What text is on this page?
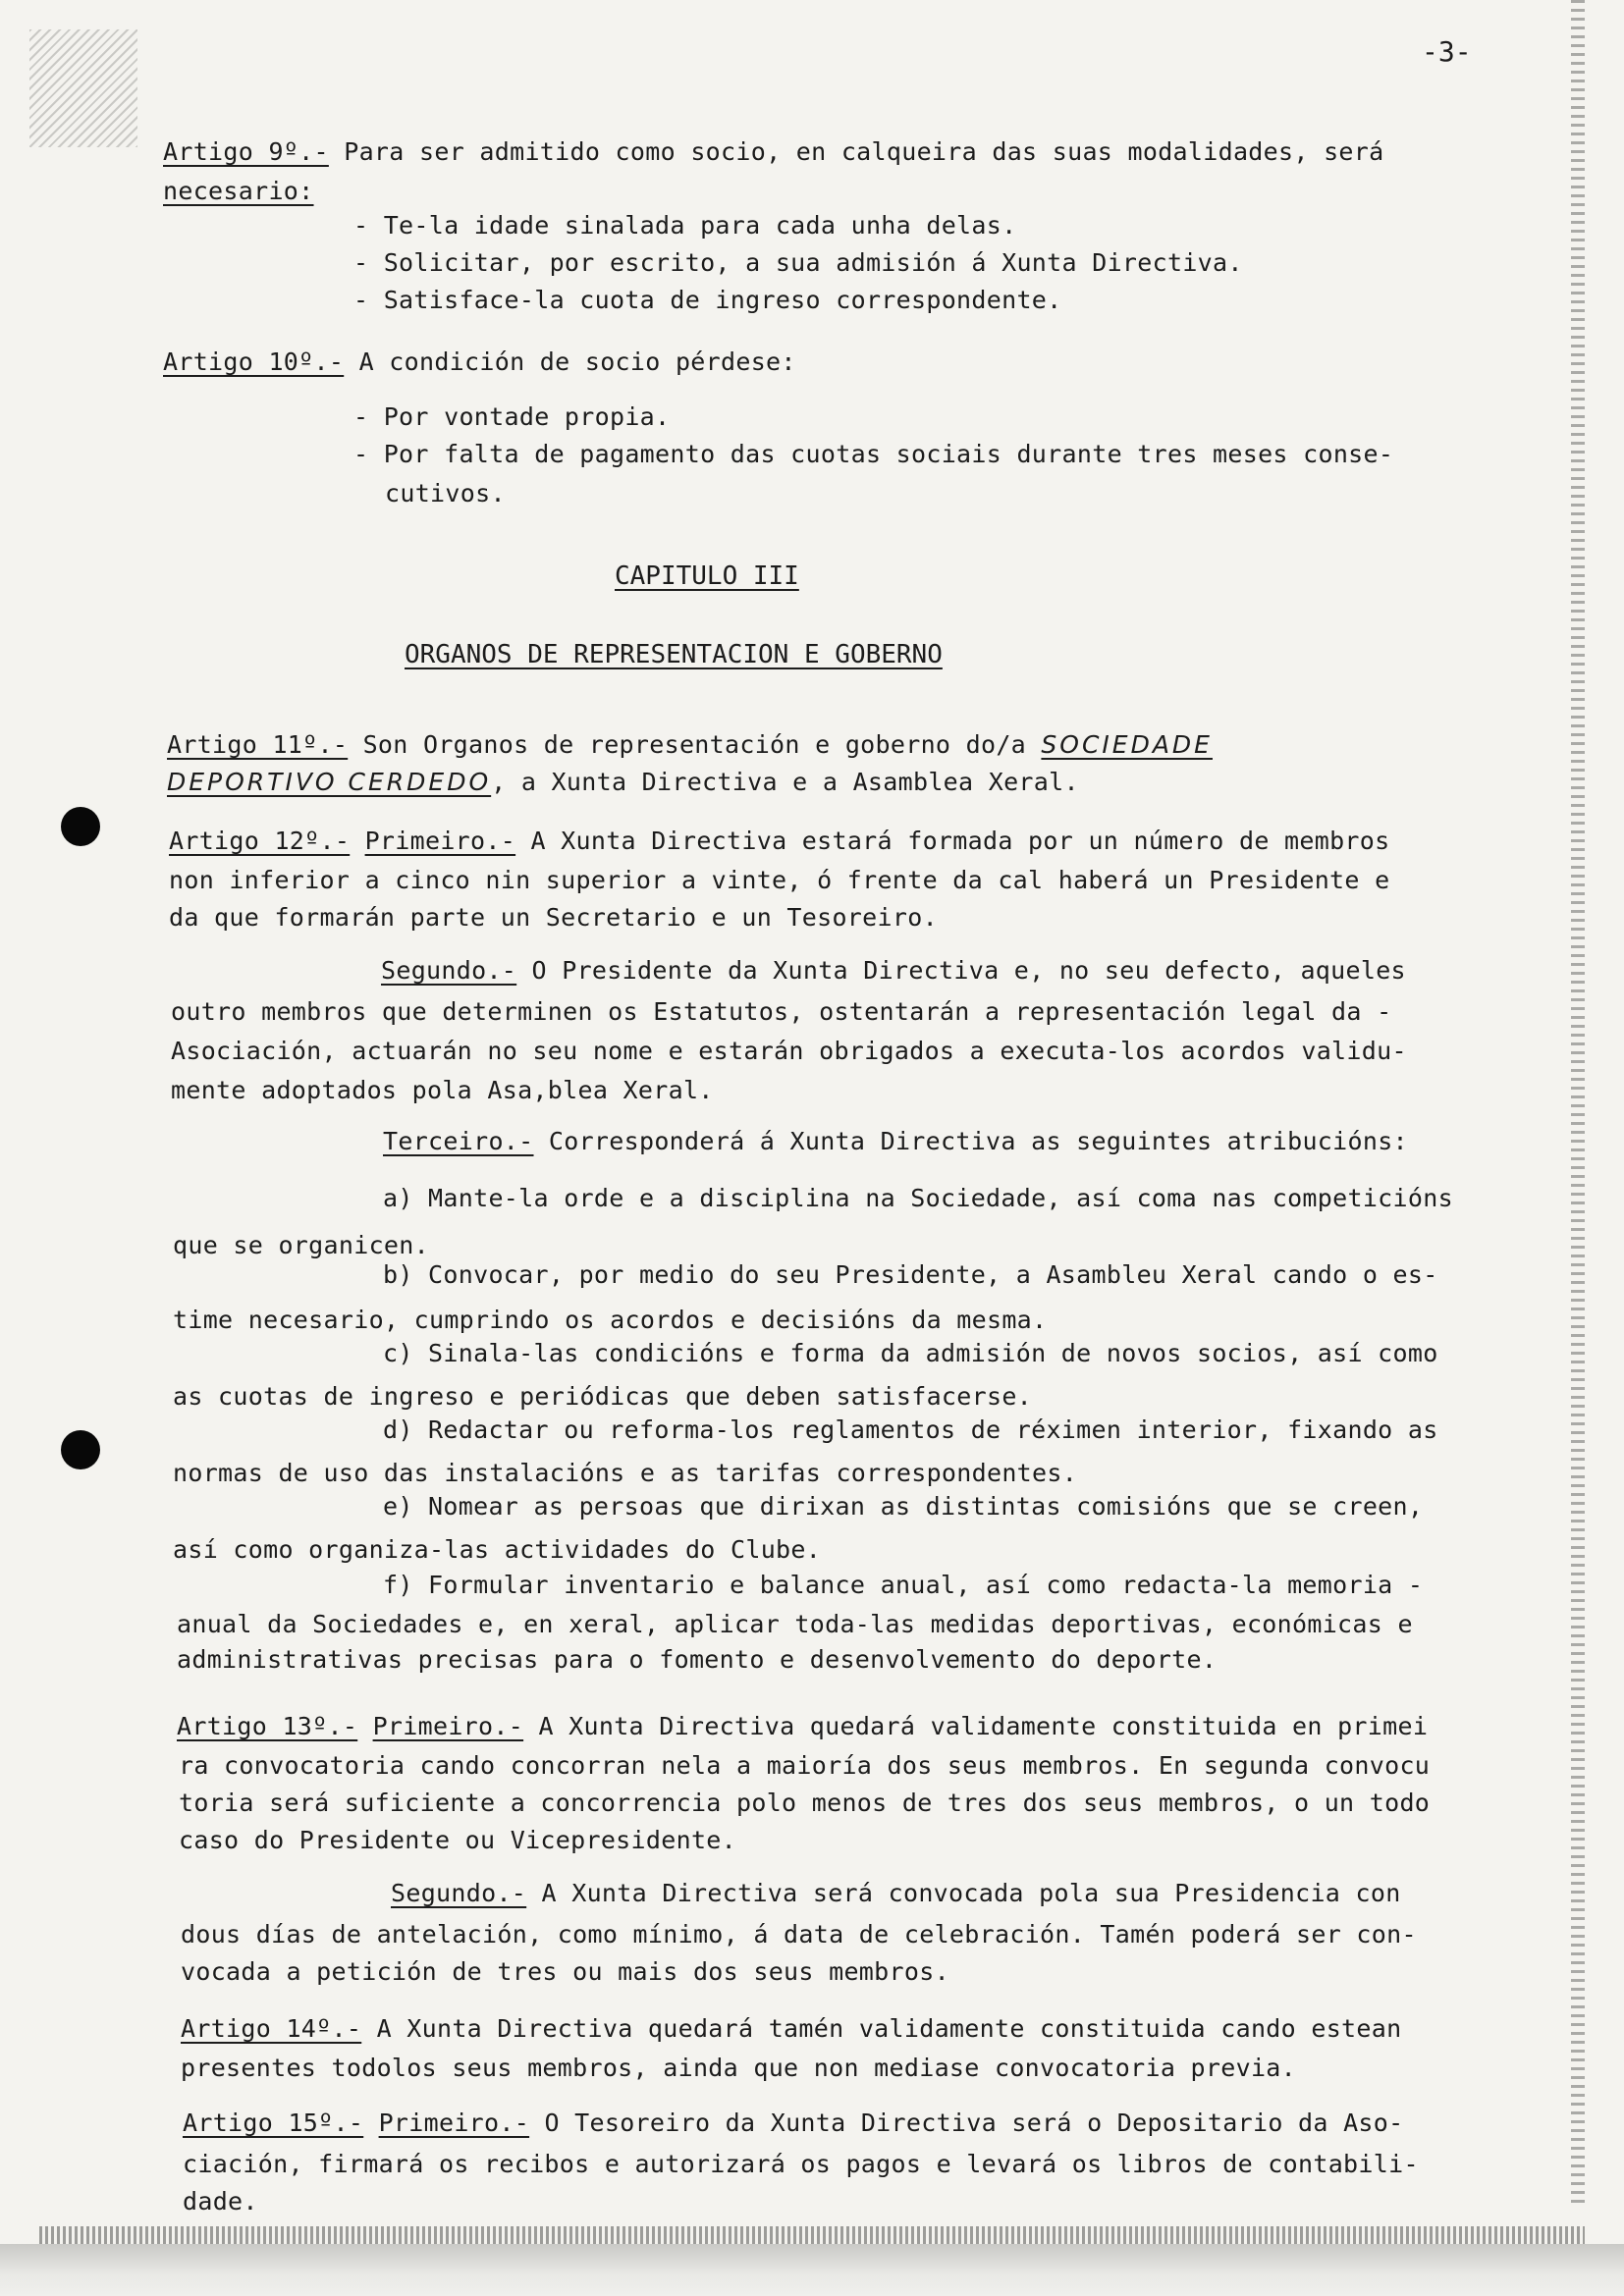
-3-
Artigo 9º.- Para ser admitido como socio, en calqueira das suas modalidades, será
necesario:
- Te-la idade sinalada para cada unha delas.
- Solicitar, por escrito, a sua admisión á Xunta Directiva.
- Satisface-la cuota de ingreso correspondente.
Artigo 10º.- A condición de socio pérdese:
- Por vontade propia.
- Por falta de pagamento das cuotas sociais durante tres meses conse-
cutivos.
CAPITULO III
ORGANOS DE REPRESENTACION E GOBERNO
Artigo 11º.- Son Organos de representación e goberno do/a SOCIEDADE
DEPORTIVO CERDEDO, a Xunta Directiva e a Asamblea Xeral.
Artigo 12º.- Primeiro.- A Xunta Directiva estará formada por un número de membros
non inferior a cinco nin superior a vinte, ó frente da cal haberá un Presidente e
da que formarán parte un Secretario e un Tesoreiro.
Segundo.- O Presidente da Xunta Directiva e, no seu defecto, aqueles
outro membros que determinen os Estatutos, ostentarán a representación legal da -
Asociación, actuarán no seu nome e estarán obrigados a executa-los acordos validu-
mente adoptados pola Asa,blea Xeral.
Terceiro.- Corresponderá á Xunta Directiva as seguintes atribucións:
a) Mante-la orde e a disciplina na Sociedade, así coma nas competicións
que se organicen.
b) Convocar, por medio do seu Presidente, a Asambleu Xeral cando o es-
time necesario, cumprindo os acordos e decisións da mesma.
c) Sinala-las condicións e forma da admisión de novos socios, así como
as cuotas de ingreso e periódicas que deben satisfacerse.
d) Redactar ou reforma-los reglamentos de réximen interior, fixando as
normas de uso das instalacións e as tarifas correspondentes.
e) Nomear as persoas que dirixan as distintas comisións que se creen,
así como organiza-las actividades do Clube.
f) Formular inventario e balance anual, así como redacta-la memoria -
anual da Sociedades e, en xeral, aplicar toda-las medidas deportivas, económicas e
administrativas precisas para o fomento e desenvolvemento do deporte.
Artigo 13º.- Primeiro.- A Xunta Directiva quedará validamente constituida en primei
ra convocatoria cando concorran nela a maioría dos seus membros. En segunda convocu
toria será suficiente a concorrencia polo menos de tres dos seus membros, o un todo
caso do Presidente ou Vicepresidente.
Segundo.- A Xunta Directiva será convocada pola sua Presidencia con
dous días de antelación, como mínimo, á data de celebración. Tamén poderá ser con-
vocada a petición de tres ou mais dos seus membros.
Artigo 14º.- A Xunta Directiva quedará tamén validamente constituida cando estean
presentes todolos seus membros, ainda que non mediase convocatoria previa.
Artigo 15º.- Primeiro.- O Tesoreiro da Xunta Directiva será o Depositario da Aso-
ciación, firmará os recibos e autorizará os pagos e levará os libros de contabili-
dade.
